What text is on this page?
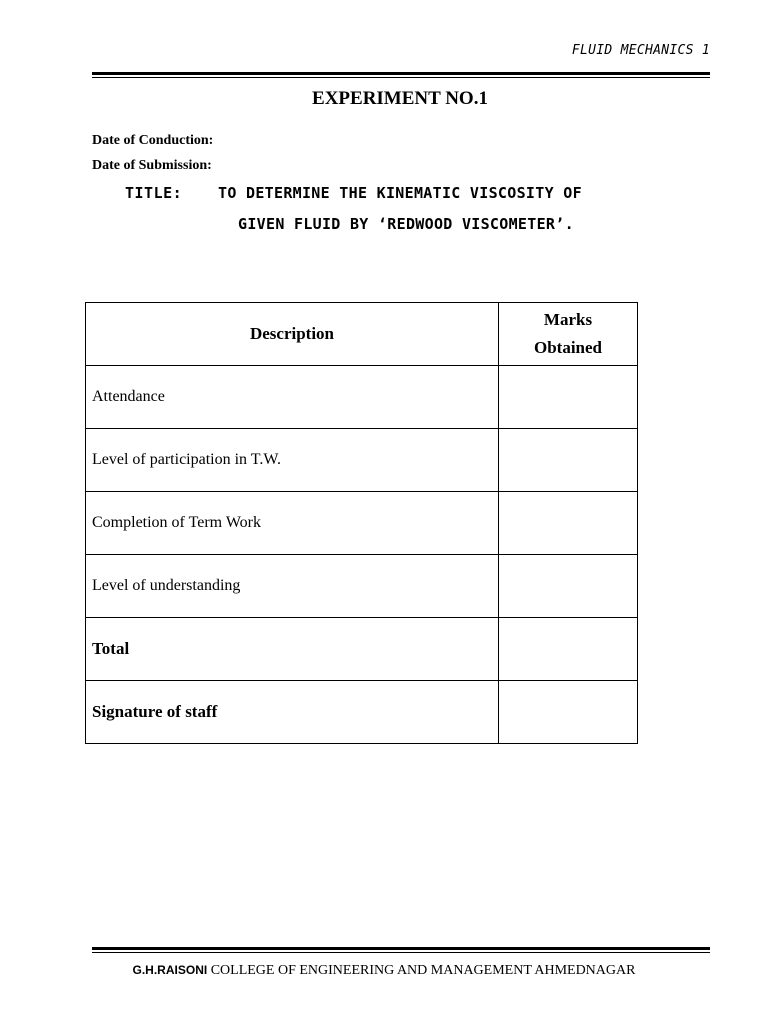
FLUID MECHANICS 1
EXPERIMENT NO.1
Date of Conduction:
Date of Submission:
TITLE: TO DETERMINE THE KINEMATIC VISCOSITY OF
GIVEN FLUID BY ‘REDWOOD VISCOMETER’.
Description	Marks
Obtained

Attendance	
Level of participation in T.W.	
Completion of Term Work	
Level of understanding	
Total	
Signature of staff	
G.H.RAISONI COLLEGE OF ENGINEERING AND MANAGEMENT AHMEDNAGAR
